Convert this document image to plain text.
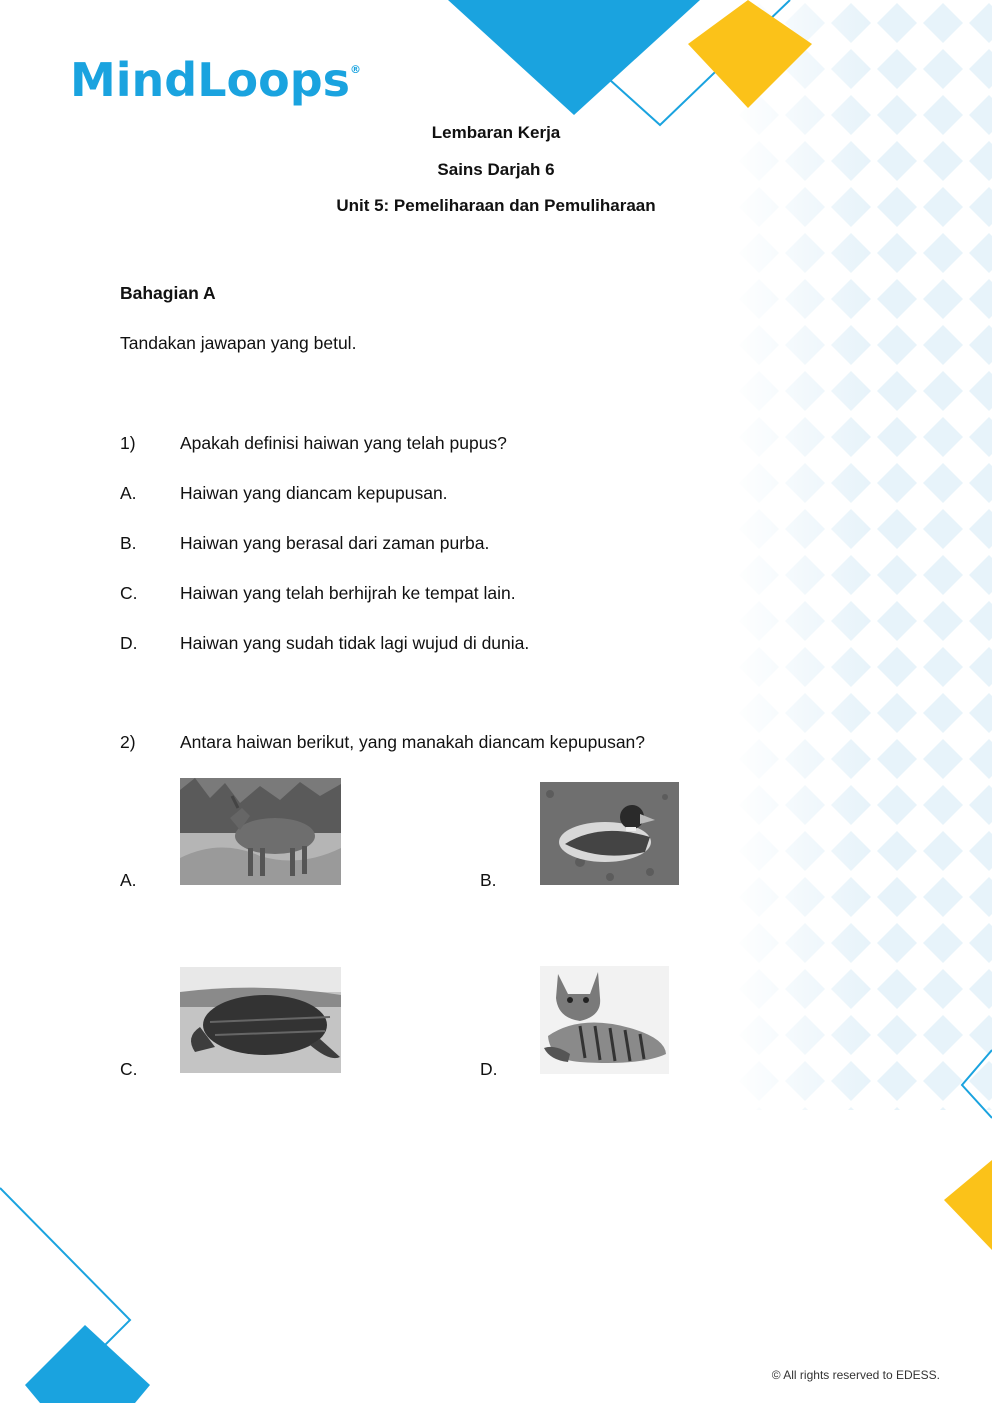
MindLoops®
Lembaran Kerja
Sains Darjah 6
Unit 5: Pemeliharaan dan Pemuliharaan
Bahagian A
Tandakan jawapan yang betul.
1)	Apakah definisi haiwan yang telah pupus?
A. Haiwan yang diancam kepupusan.
B. Haiwan yang berasal dari zaman purba.
C. Haiwan yang telah berhijrah ke tempat lain.
D. Haiwan yang sudah tidak lagi wujud di dunia.
2)	Antara haiwan berikut, yang manakah diancam kepupusan?
A.	B.
C.	D.
© All rights reserved to EDESS.
